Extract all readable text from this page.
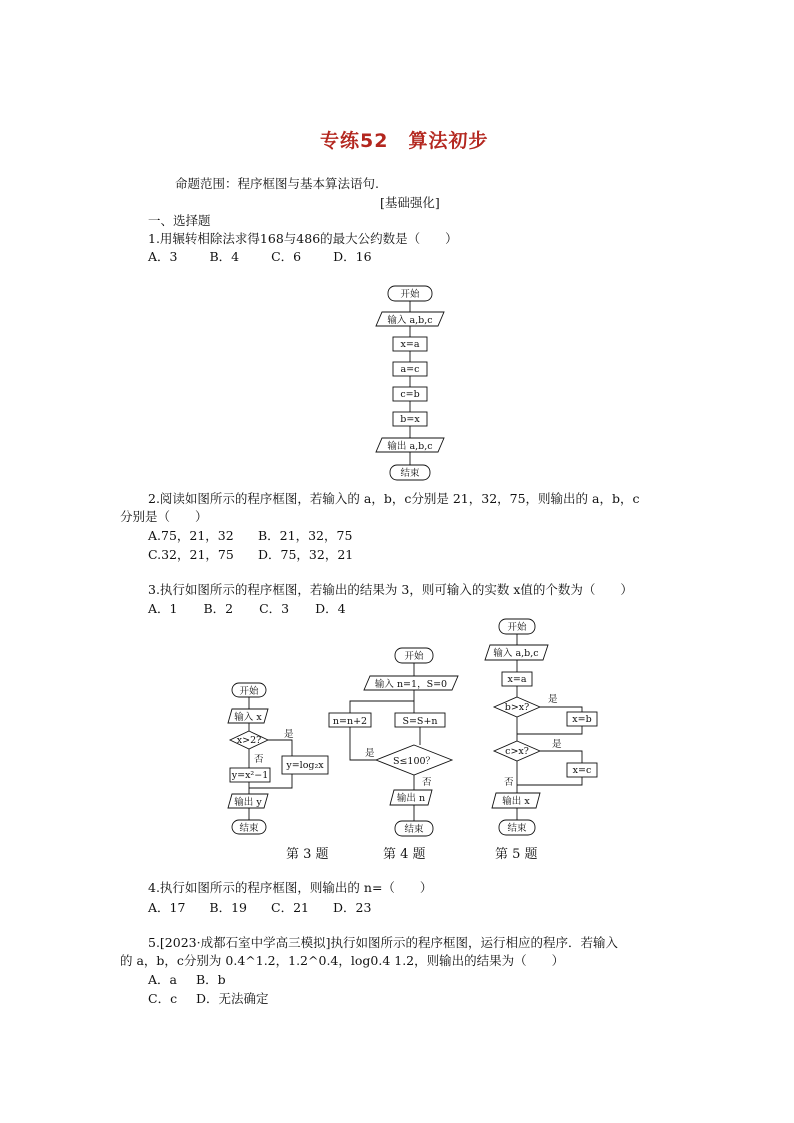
专练52　算法初步
命题范围：程序框图与基本算法语句.
[基础强化]
一、选择题
1.用辗转相除法求得168与486的最大公约数是（　　）
A．3	B．4	C．6	D．16
开始
输入 a,b,c
x=a
a=c
c=b
b=x
输出 a,b,c
结束
2.阅读如图所示的程序框图，若输入的 a，b，c分别是 21，32，75，则输出的 a，b，c
分别是（　　）
A.75，21，32 B．21，32，75
C.32，21，75 D．75，32，21
3.执行如图所示的程序框图，若输出的结果为 3，则可输入的实数 x值的个数为（　　）
A．1 B．2 C．3 D．4
开始
输入 x
x>2?
是
否
y=x²−1
y=log₂x
输出 y
结束
第 3 题
开始
输入 n=1，S=0
n=n+2	S=S+n
S≤100？
是
否
输出 n
结束
第 4 题
开始
输入 a,b,c
x=a
b>x?
是
x=b
c>x?
是
x=c
否
输出 x
结束
第 5 题
4.执行如图所示的程序框图，则输出的 n=（　　）
A．17 B．19 C．21 D．23
5.[2023·成都石室中学高三模拟]执行如图所示的程序框图，运行相应的程序．若输入
的 a，b，c分别为 0.4^1.2，1.2^0.4，log0.4 1.2，则输出的结果为（　　）
A．a B．b
C．c D．无法确定
